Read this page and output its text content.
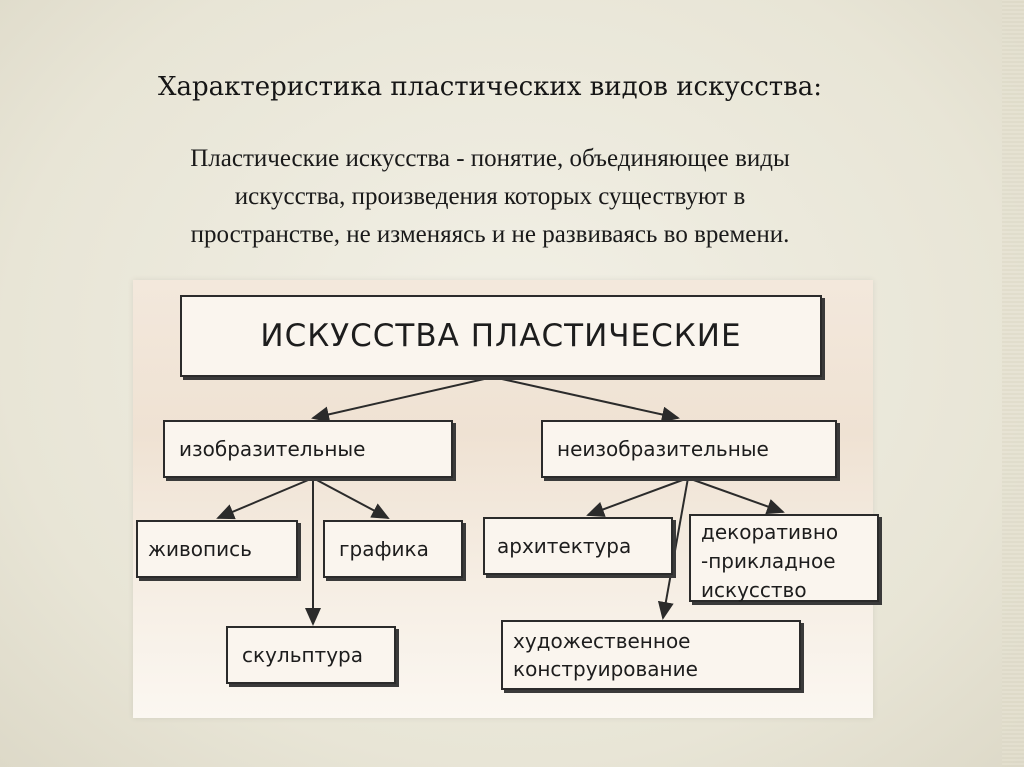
Характеристика пластических видов искусства:
Пластические искусства - понятие, объединяющее виды
искусства, произведения которых существуют в
пространстве, не изменяясь и не развиваясь во времени.
ИСКУССТВА ПЛАСТИЧЕСКИЕ
изобразительные	неизобразительные
живопись	графика
скульптура
архитектура
декоративно
-прикладное
искусство
художественное
конструирование
